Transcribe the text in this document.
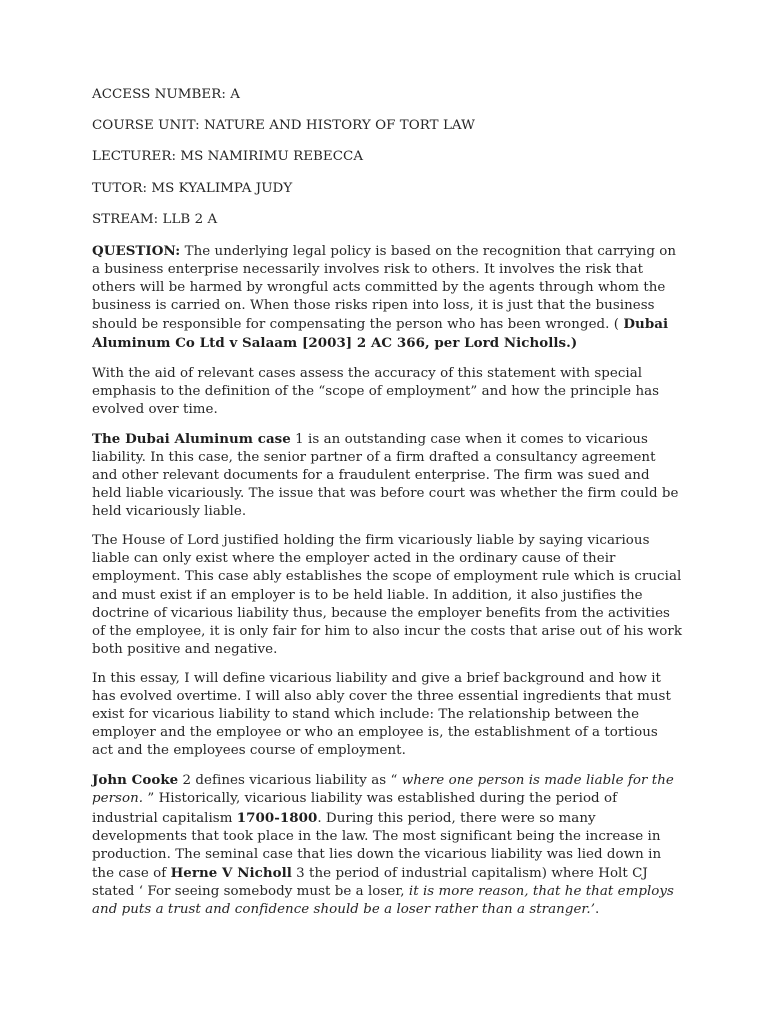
ACCESS NUMBER: A
COURSE UNIT: NATURE AND HISTORY OF TORT LAW
LECTURER: MS NAMIRIMU REBECCA
TUTOR: MS KYALIMPA JUDY
STREAM: LLB 2 A

QUESTION: The underlying legal policy is based on the recognition that carrying on a business enterprise necessarily involves risk to others. It involves the risk that others will be harmed by wrongful acts committed by the agents through whom the business is carried on. When those risks ripen into loss, it is just that the business should be responsible for compensating the person who has been wronged. ( Dubai Aluminum Co Ltd v Salaam [2003] 2 AC 366, per Lord Nicholls.)

With the aid of relevant cases assess the accuracy of this statement with special emphasis to the definition of the “scope of employment” and how the principle has evolved over time.

The Dubai Aluminum case 1 is an outstanding case when it comes to vicarious liability. In this case, the senior partner of a firm drafted a consultancy agreement and other relevant documents for a fraudulent enterprise. The firm was sued and held liable vicariously. The issue that was before court was whether the firm could be held vicariously liable.

The House of Lord justified holding the firm vicariously liable by saying vicarious liable can only exist where the employer acted in the ordinary cause of their employment. This case ably establishes the scope of employment rule which is crucial and must exist if an employer is to be held liable. In addition, it also justifies the doctrine of vicarious liability thus, because the employer benefits from the activities of the employee, it is only fair for him to also incur the costs that arise out of his work both positive and negative.

In this essay, I will define vicarious liability and give a brief background and how it has evolved overtime. I will also ably cover the three essential ingredients that must exist for vicarious liability to stand which include: The relationship between the employer and the employee or who an employee is, the establishment of a tortious act and the employees course of employment.

John Cooke 2 defines vicarious liability as “ where one person is made liable for the person. ” Historically, vicarious liability was established during the period of industrial capitalism 1700-1800. During this period, there were so many developments that took place in the law. The most significant being the increase in production. The seminal case that lies down the vicarious liability was lied down in the case of Herne V Nicholl 3 the period of industrial capitalism) where Holt CJ stated ‘ For seeing somebody must be a loser, it is more reason, that he that employs and puts a trust and confidence should be a loser rather than a stranger.’.
